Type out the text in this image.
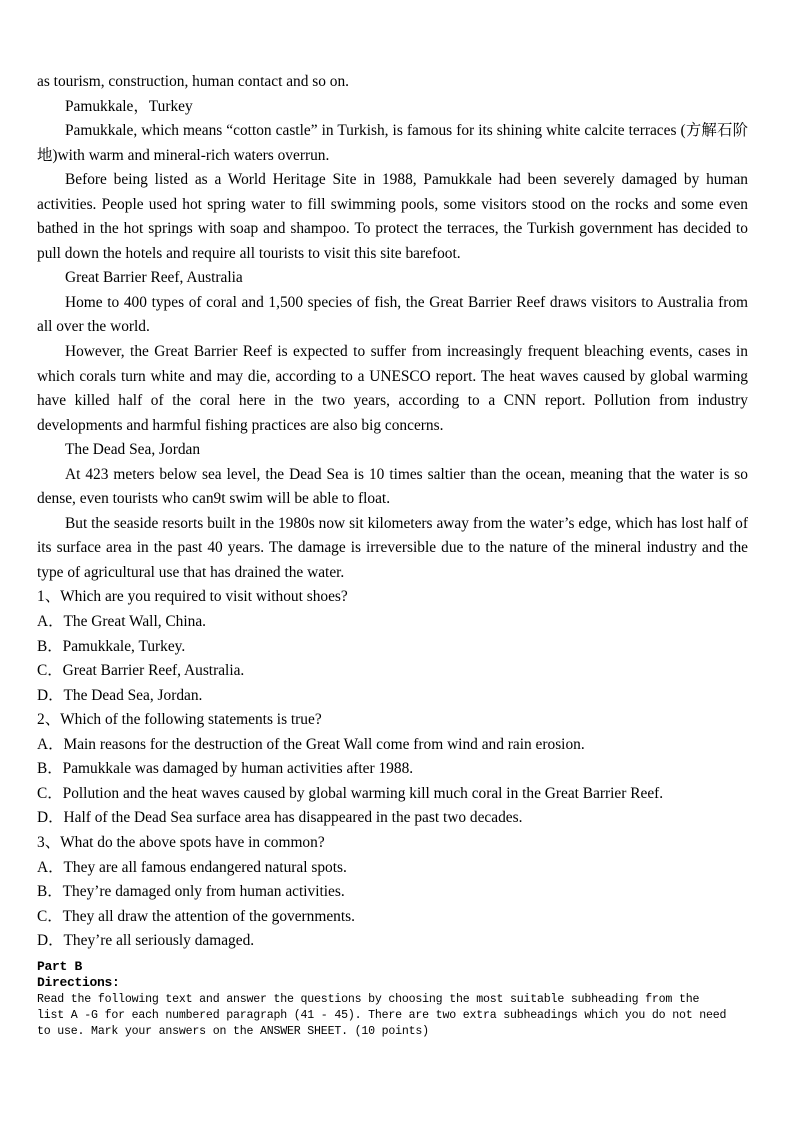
as tourism, construction, human contact and so on.

Pamukkale，Turkey

Pamukkale, which means “cotton castle” in Turkish, is famous for its shining white calcite terraces (方解石阶地)with warm and mineral-rich waters overrun.

Before being listed as a World Heritage Site in 1988, Pamukkale had been severely damaged by human activities. People used hot spring water to fill swimming pools, some visitors stood on the rocks and some even bathed in the hot springs with soap and shampoo. To protect the terraces, the Turkish government has decided to pull down the hotels and require all tourists to visit this site barefoot.

Great Barrier Reef, Australia

Home to 400 types of coral and 1,500 species of fish, the Great Barrier Reef draws visitors to Australia from all over the world.

However, the Great Barrier Reef is expected to suffer from increasingly frequent bleaching events, cases in which corals turn white and may die, according to a UNESCO report. The heat waves caused by global warming have killed half of the coral here in the two years, according to a CNN report. Pollution from industry developments and harmful fishing practices are also big concerns.

The Dead Sea, Jordan

At 423 meters below sea level, the Dead Sea is 10 times saltier than the ocean, meaning that the water is so dense, even tourists who can9t swim will be able to float.

But the seaside resorts built in the 1980s now sit kilometers away from the water’s edge, which has lost half of its surface area in the past 40 years. The damage is irreversible due to the nature of the mineral industry and the type of agricultural use that has drained the water.

1、Which are you required to visit without shoes?

A．The Great Wall, China.

B．Pamukkale, Turkey.

C．Great Barrier Reef, Australia.

D．The Dead Sea, Jordan.

2、Which of the following statements is true?

A．Main reasons for the destruction of the Great Wall come from wind and rain erosion.

B．Pamukkale was damaged by human activities after 1988.

C．Pollution and the heat waves caused by global warming kill much coral in the Great Barrier Reef.

D．Half of the Dead Sea surface area has disappeared in the past two decades.

3、What do the above spots have in common?

A．They are all famous endangered natural spots.

B．They’re damaged only from human activities.

C．They all draw the attention of the governments.

D．They’re all seriously damaged.

Part B

Directions:

Read the following text and answer the questions by choosing the most suitable subheading from the

list A -G for each numbered paragraph (41 - 45). There are two extra subheadings which you do not need

to use. Mark your answers on the ANSWER SHEET. (10 points)
